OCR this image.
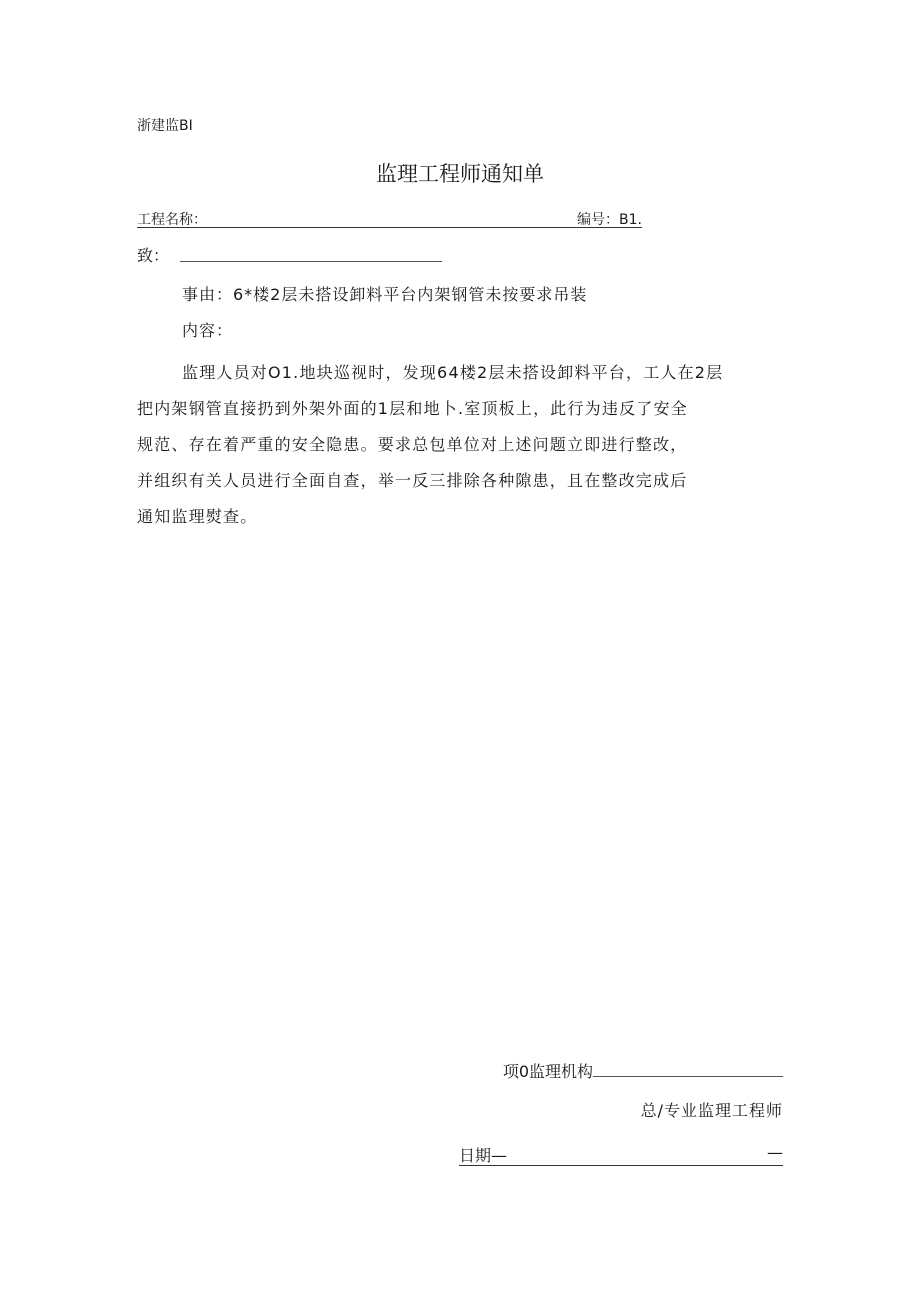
浙建监BI
监理工程师通知单
工程名称：	编号：B1.
致：
事由：6*楼2层未搭设卸料平台内架钢管未按要求吊装
内容：
监理人员对O1.地块巡视时，发现64楼2层未搭设卸料平台，工人在2层
把内架钢管直接扔到外架外面的1层和地卜.室顶板上，此行为违反了安全
规范、存在着严重的安全隐患。要求总包单位对上述问题立即进行整改，
并组织有关人员进行全面自查，举一反三排除各种隙患，且在整改完成后
通知监理熨查。
项0监理机构
总/专业监理工程师
日期—	—
